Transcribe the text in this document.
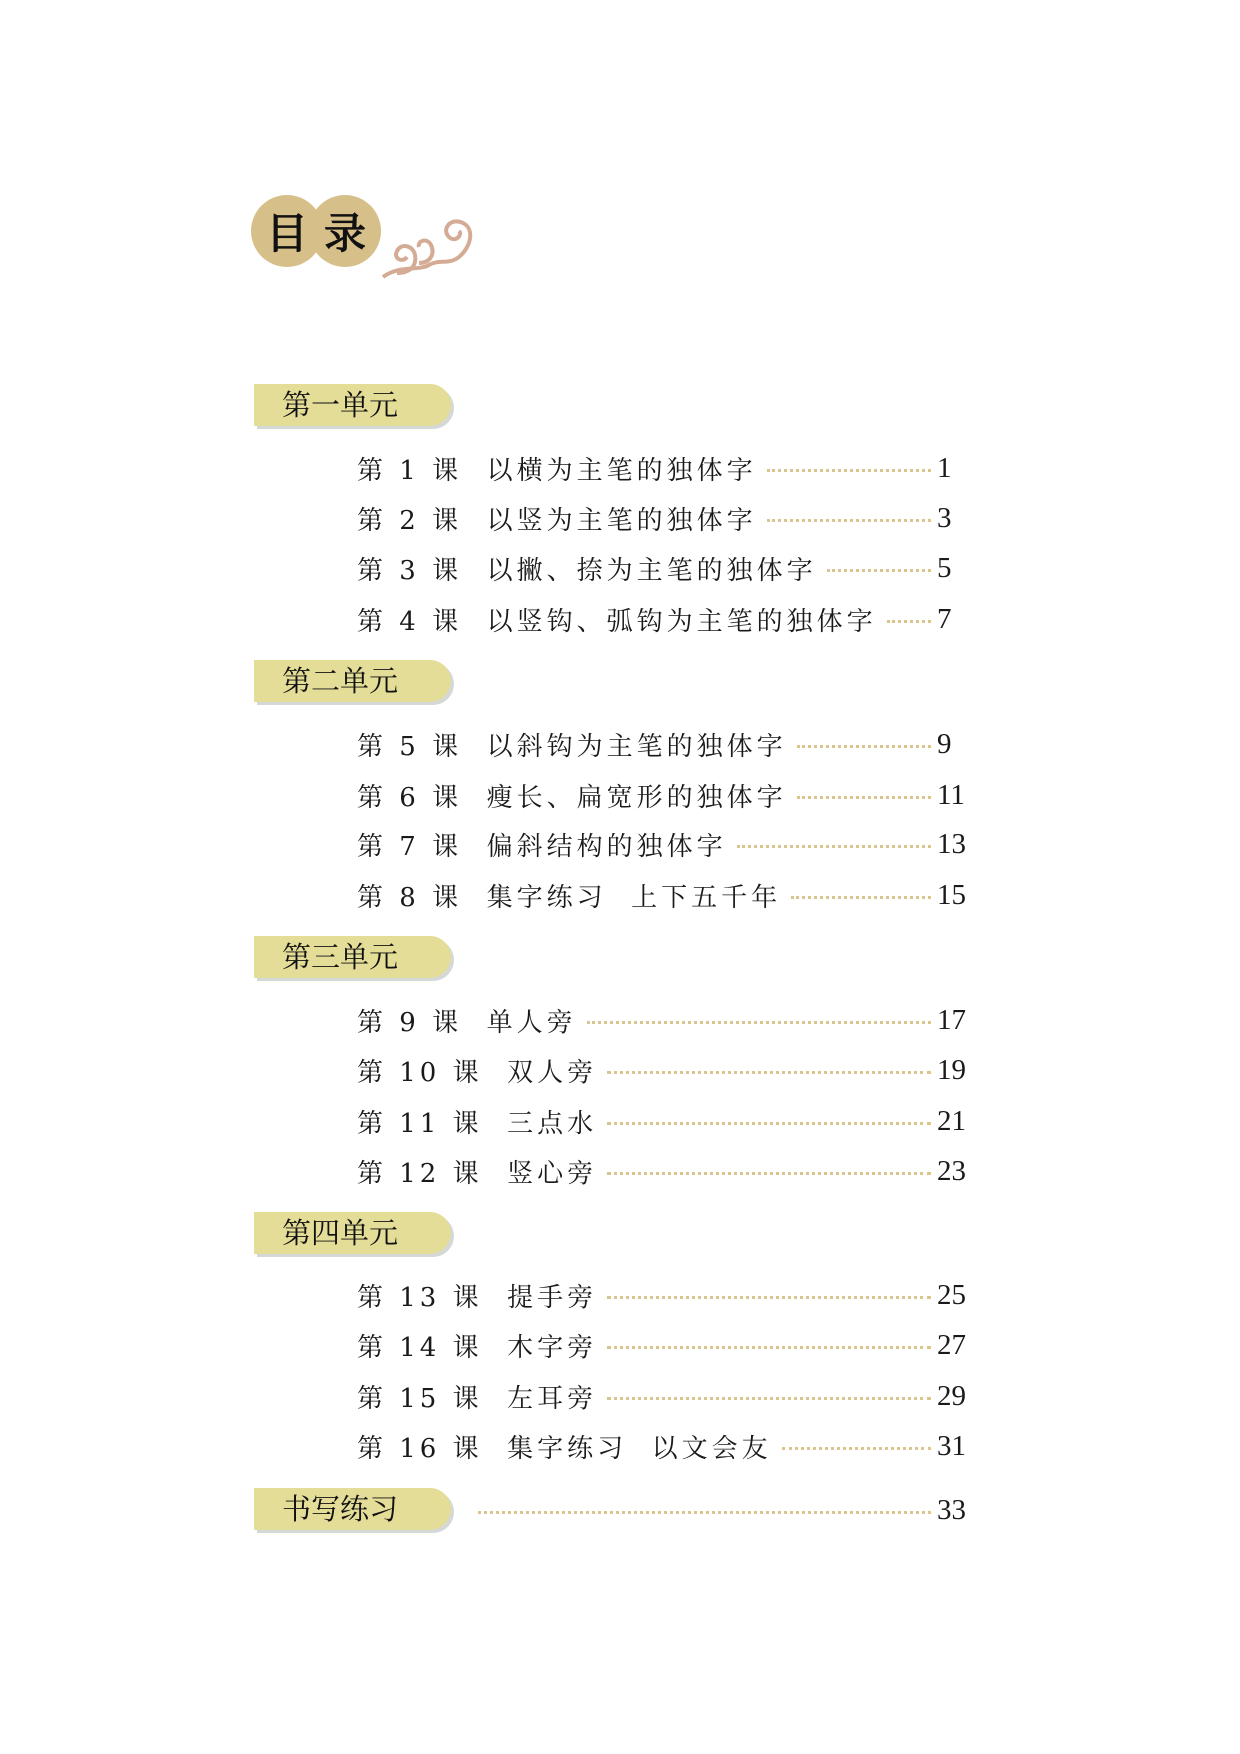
目 录
第一单元
第 1 课  以横为主笔的独体字	1
第 2 课  以竖为主笔的独体字	3
第 3 课  以撇、捺为主笔的独体字	5
第 4 课  以竖钩、弧钩为主笔的独体字 7
第二单元
第 5 课  以斜钩为主笔的独体字	9
第 6 课  瘦长、扁宽形的独体字	11
第 7 课  偏斜结构的独体字	13
第 8 课  集字练习  上下五千年	15
第三单元
第 9 课  单人旁	17
第 10 课  双人旁	19
第 11 课  三点水	21
第 12 课  竖心旁	23
第四单元
第 13 课  提手旁	25
第 14 课  木字旁	27
第 15 课  左耳旁	29
第 16 课  集字练习  以文会友	31
书写练习	33
